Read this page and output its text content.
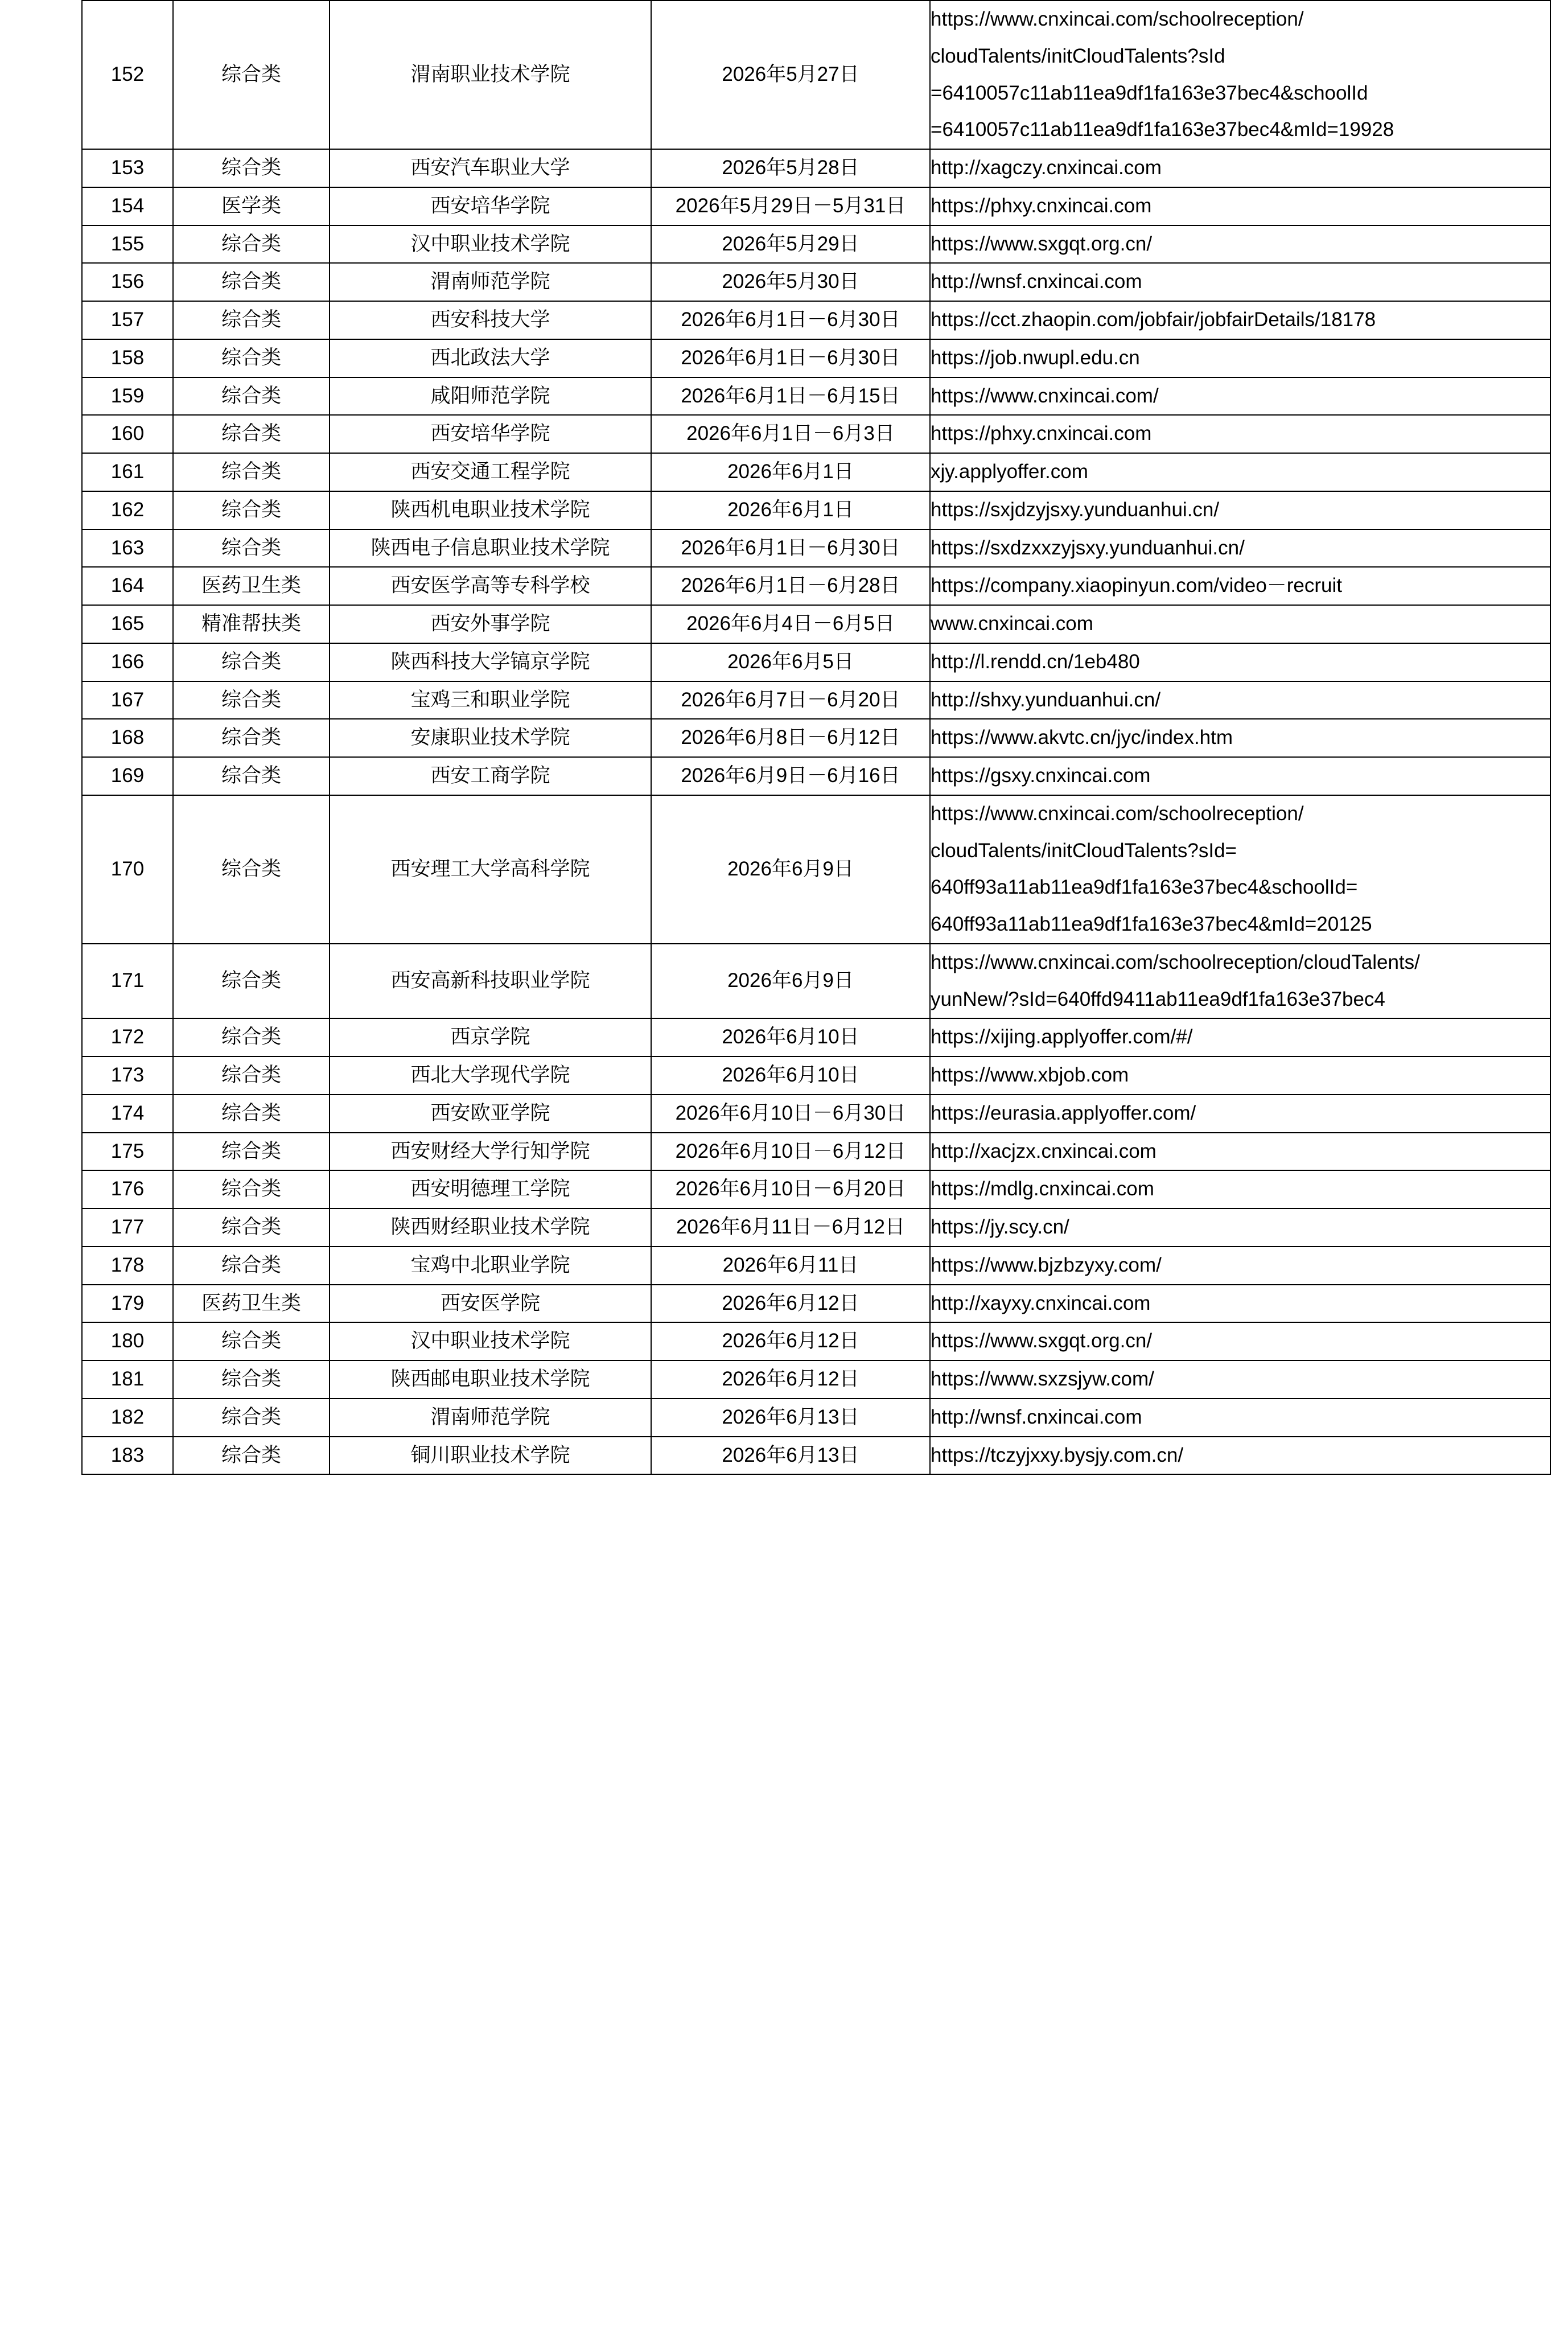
152	综合类	渭南职业技术学院	2026年5月27日	https://www.cnxincai.com/schoolreception/
cloudTalents/initCloudTalents?sId
=6410057c11ab11ea9df1fa163e37bec4&schoolId
=6410057c11ab11ea9df1fa163e37bec4&mId=19928

153	综合类	西安汽车职业大学	2026年5月28日	http://xagczy.cnxincai.com

154	医学类	西安培华学院	2026年5月29日－5月31日	https://phxy.cnxincai.com

155	综合类	汉中职业技术学院	2026年5月29日	https://www.sxgqt.org.cn/

156	综合类	渭南师范学院	2026年5月30日	http://wnsf.cnxincai.com

157	综合类	西安科技大学	2026年6月1日－6月30日	https://cct.zhaopin.com/jobfair/jobfairDetails/18178

158	综合类	西北政法大学	2026年6月1日－6月30日	https://job.nwupl.edu.cn

159	综合类	咸阳师范学院	2026年6月1日－6月15日	https://www.cnxincai.com/

160	综合类	西安培华学院	2026年6月1日－6月3日	https://phxy.cnxincai.com

161	综合类	西安交通工程学院	2026年6月1日	xjy.applyoffer.com

162	综合类	陕西机电职业技术学院	2026年6月1日	https://sxjdzyjsxy.yunduanhui.cn/

163	综合类	陕西电子信息职业技术学院	2026年6月1日－6月30日	https://sxdzxxzyjsxy.yunduanhui.cn/

164	医药卫生类	西安医学高等专科学校	2026年6月1日－6月28日	https://company.xiaopinyun.com/video－recruit

165	精准帮扶类	西安外事学院	2026年6月4日－6月5日	www.cnxincai.com

166	综合类	陕西科技大学镐京学院	2026年6月5日	http://l.rendd.cn/1eb480

167	综合类	宝鸡三和职业学院	2026年6月7日－6月20日	http://shxy.yunduanhui.cn/

168	综合类	安康职业技术学院	2026年6月8日－6月12日	https://www.akvtc.cn/jyc/index.htm

169	综合类	西安工商学院	2026年6月9日－6月16日	https://gsxy.cnxincai.com

170	综合类	西安理工大学高科学院	2026年6月9日	https://www.cnxincai.com/schoolreception/
cloudTalents/initCloudTalents?sId=
640ff93a11ab11ea9df1fa163e37bec4&schoolId=
640ff93a11ab11ea9df1fa163e37bec4&mId=20125

171	综合类	西安高新科技职业学院	2026年6月9日	https://www.cnxincai.com/schoolreception/cloudTalents/
yunNew/?sId=640ffd9411ab11ea9df1fa163e37bec4

172	综合类	西京学院	2026年6月10日	https://xijing.applyoffer.com/#/

173	综合类	西北大学现代学院	2026年6月10日	https://www.xbjob.com

174	综合类	西安欧亚学院	2026年6月10日－6月30日	https://eurasia.applyoffer.com/

175	综合类	西安财经大学行知学院	2026年6月10日－6月12日	http://xacjzx.cnxincai.com

176	综合类	西安明德理工学院	2026年6月10日－6月20日	https://mdlg.cnxincai.com

177	综合类	陕西财经职业技术学院	2026年6月11日－6月12日	https://jy.scy.cn/

178	综合类	宝鸡中北职业学院	2026年6月11日	https://www.bjzbzyxy.com/

179	医药卫生类	西安医学院	2026年6月12日	http://xayxy.cnxincai.com

180	综合类	汉中职业技术学院	2026年6月12日	https://www.sxgqt.org.cn/

181	综合类	陕西邮电职业技术学院	2026年6月12日	https://www.sxzsjyw.com/

182	综合类	渭南师范学院	2026年6月13日	http://wnsf.cnxincai.com

183	综合类	铜川职业技术学院	2026年6月13日	https://tczyjxxy.bysjy.com.cn/
